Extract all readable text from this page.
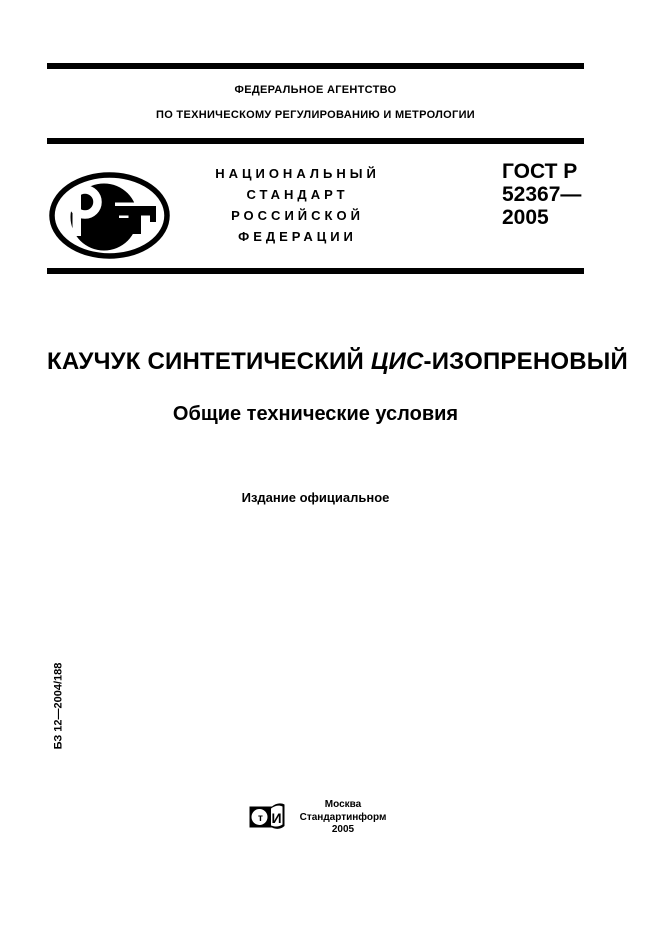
ФЕДЕРАЛЬНОЕ АГЕНТСТВО
ПО ТЕХНИЧЕСКОМУ РЕГУЛИРОВАНИЮ И МЕТРОЛОГИИ
НАЦИОНАЛЬНЫЙ
СТАНДАРТ
РОССИЙСКОЙ
ФЕДЕРАЦИИ
ГОСТ Р
52367—
2005
КАУЧУК СИНТЕТИЧЕСКИЙ ЦИС-ИЗОПРЕНОВЫЙ
Общие технические условия
Издание официальное
БЗ 12—2004/188
И
т
Москва
Стандартинформ
2005
